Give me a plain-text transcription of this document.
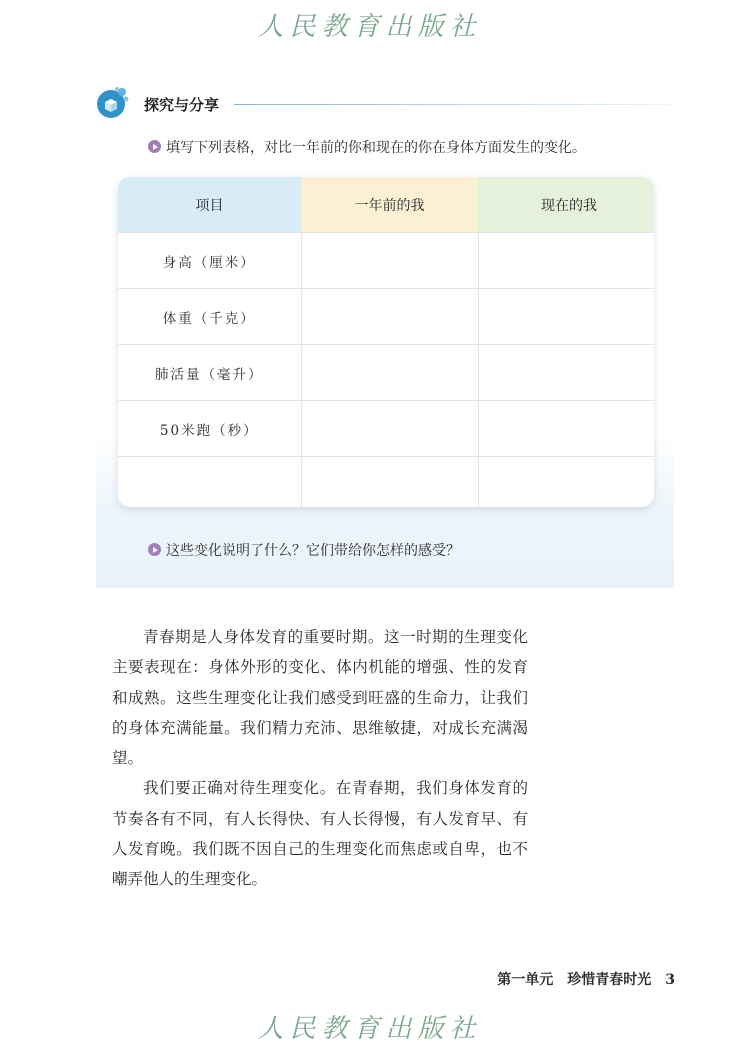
人民教育出版社
探究与分享
填写下列表格，对比一年前的你和现在的你在身体方面发生的变化。
项目	一年前的我	现在的我
身高（厘米）		
体重（千克）		
肺活量（毫升）		
50米跑（秒）		

这些变化说明了什么？它们带给你怎样的感受？

青春期是人身体发育的重要时期。这一时期的生理变化主要表现在：身体外形的变化、体内机能的增强、性的发育和成熟。这些生理变化让我们感受到旺盛的生命力，让我们的身体充满能量。我们精力充沛、思维敏捷，对成长充满渴望。

我们要正确对待生理变化。在青春期，我们身体发育的节奏各有不同，有人长得快、有人长得慢，有人发育早、有人发育晚。我们既不因自己的生理变化而焦虑或自卑，也不嘲弄他人的生理变化。

第一单元 珍惜青春时光 3
人民教育出版社
